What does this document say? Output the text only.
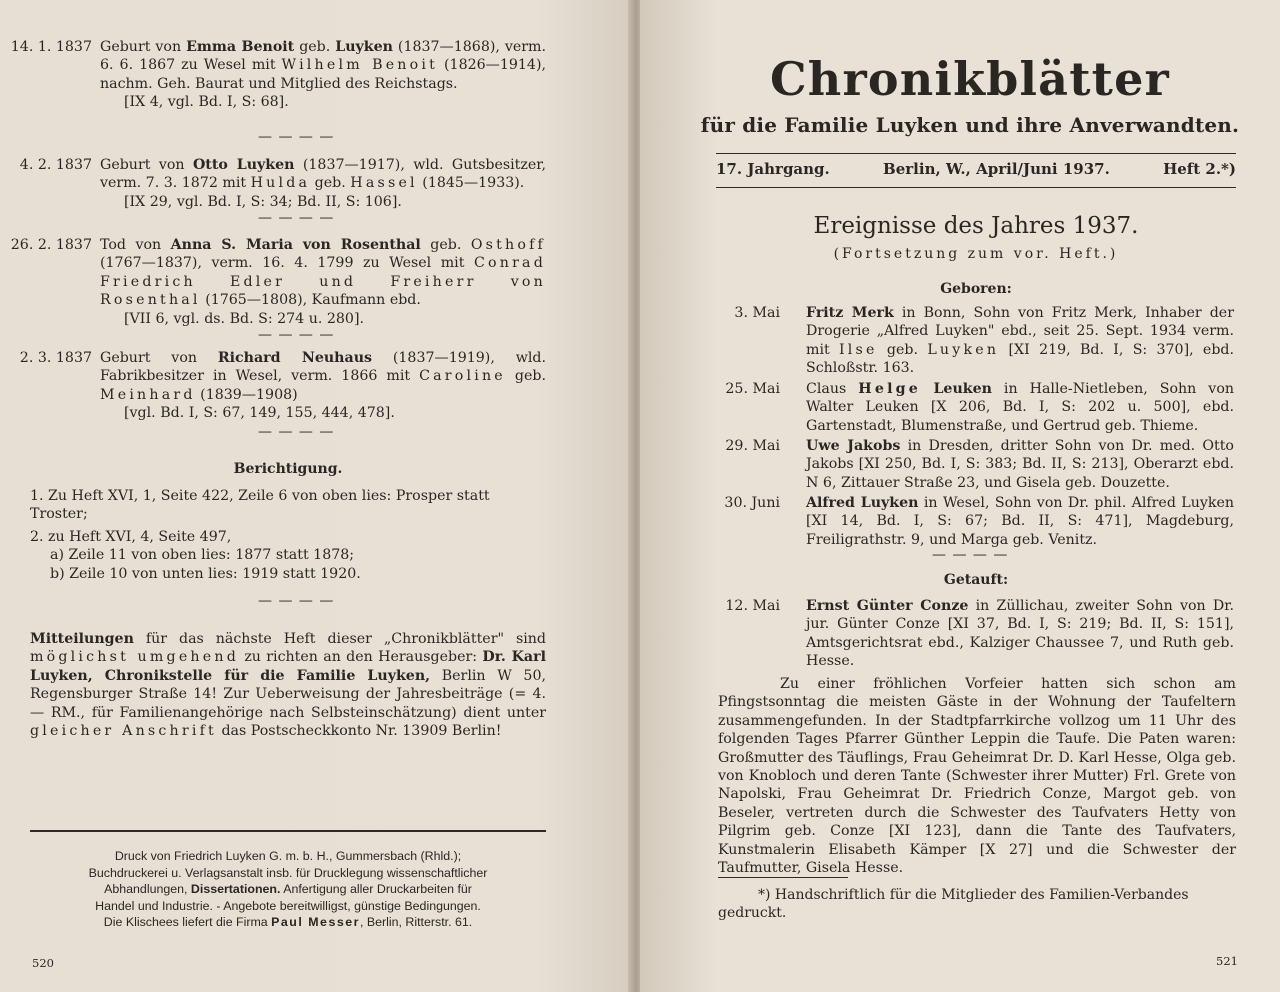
14. 1. 1837 Geburt von Emma Benoit geb. Luyken (1837—1868), verm. 6. 6. 1867 zu Wesel mit Wilhelm Benoit (1826—1914), nachm. Geh. Baurat und Mitglied des Reichstags.
[IX 4, vgl. Bd. I, S: 68].
— — — —
4. 2. 1837 Geburt von Otto Luyken (1837—1917), wld. Gutsbesitzer, verm. 7. 3. 1872 mit Hulda geb. Hassel (1845—1933).
[IX 29, vgl. Bd. I, S: 34; Bd. II, S: 106].
— — — —
26. 2. 1837 Tod von Anna S. Maria von Rosenthal geb. Osthoff (1767—1837), verm. 16. 4. 1799 zu Wesel mit Conrad Friedrich Edler und Freiherr von Rosenthal (1765—1808), Kaufmann ebd.
[VII 6, vgl. ds. Bd. S: 274 u. 280].
— — — —
2. 3. 1837 Geburt von Richard Neuhaus (1837—1919), wld. Fabrikbesitzer in Wesel, verm. 1866 mit Caroline geb. Meinhard (1839—1908)
[vgl. Bd. I, S: 67, 149, 155, 444, 478].
— — — —
Berichtigung.
1. Zu Heft XVI, 1, Seite 422, Zeile 6 von oben lies: Prosper statt Troster;
2. zu Heft XVI, 4, Seite 497,
a) Zeile 11 von oben lies: 1877 statt 1878;
b) Zeile 10 von unten lies: 1919 statt 1920.
— — — —
Mitteilungen für das nächste Heft dieser „Chronikblätter" sind möglichst umgehend zu richten an den Herausgeber: Dr. Karl Luyken, Chronikstelle für die Familie Luyken, Berlin W 50, Regensburger Straße 14! Zur Ueberweisung der Jahresbeiträge (= 4.— RM., für Familienangehörige nach Selbsteinschätzung) dient unter gleicher Anschrift das Postscheckkonto Nr. 13909 Berlin!
Druck von Friedrich Luyken G. m. b. H., Gummersbach (Rhld.);
Buchdruckerei u. Verlagsanstalt insb. für Drucklegung wissenschaftlicher
Abhandlungen, Dissertationen. Anfertigung aller Druckarbeiten für
Handel und Industrie. - Angebote bereitwilligst, günstige Bedingungen.
Die Klischees liefert die Firma Paul Messer, Berlin, Ritterstr. 61.
520
Chronikblätter
für die Familie Luyken und ihre Anverwandten.
17. Jahrgang.	Berlin, W., April/Juni 1937.	Heft 2.*)
Ereignisse des Jahres 1937.
(Fortsetzung zum vor. Heft.)
Geboren:
3. Mai Fritz Merk in Bonn, Sohn von Fritz Merk, Inhaber der Drogerie „Alfred Luyken" ebd., seit 25. Sept. 1934 verm. mit Ilse geb. Luyken [XI 219, Bd. I, S: 370], ebd. Schloßstr. 163.
25. Mai Claus Helge Leuken in Halle-Nietleben, Sohn von Walter Leuken [X 206, Bd. I, S: 202 u. 500], ebd. Gartenstadt, Blumenstraße, und Gertrud geb. Thieme.
29. Mai Uwe Jakobs in Dresden, dritter Sohn von Dr. med. Otto Jakobs [XI 250, Bd. I, S: 383; Bd. II, S: 213], Oberarzt ebd. N 6, Zittauer Straße 23, und Gisela geb. Douzette.
30. Juni Alfred Luyken in Wesel, Sohn von Dr. phil. Alfred Luyken [XI 14, Bd. I, S: 67; Bd. II, S: 471], Magdeburg, Freiligrathstr. 9, und Marga geb. Venitz.
— — — —
Getauft:
12. Mai Ernst Günter Conze in Züllichau, zweiter Sohn von Dr. jur. Günter Conze [XI 37, Bd. I, S: 219; Bd. II, S: 151], Amtsgerichtsrat ebd., Kalziger Chaussee 7, und Ruth geb. Hesse.
Zu einer fröhlichen Vorfeier hatten sich schon am Pfingstsonntag die meisten Gäste in der Wohnung der Taufeltern zusammengefunden. In der Stadtpfarrkirche vollzog um 11 Uhr des folgenden Tages Pfarrer Günther Leppin die Taufe. Die Paten waren: Großmutter des Täuflings, Frau Geheimrat Dr. D. Karl Hesse, Olga geb. von Knobloch und deren Tante (Schwester ihrer Mutter) Frl. Grete von Napolski, Frau Geheimrat Dr. Friedrich Conze, Margot geb. von Beseler, vertreten durch die Schwester des Taufvaters Hetty von Pilgrim geb. Conze [XI 123], dann die Tante des Taufvaters, Kunstmalerin Elisabeth Kämper [X 27] und die Schwester der Taufmutter, Gisela Hesse.
*) Handschriftlich für die Mitglieder des Familien-Verbandes gedruckt.
521
